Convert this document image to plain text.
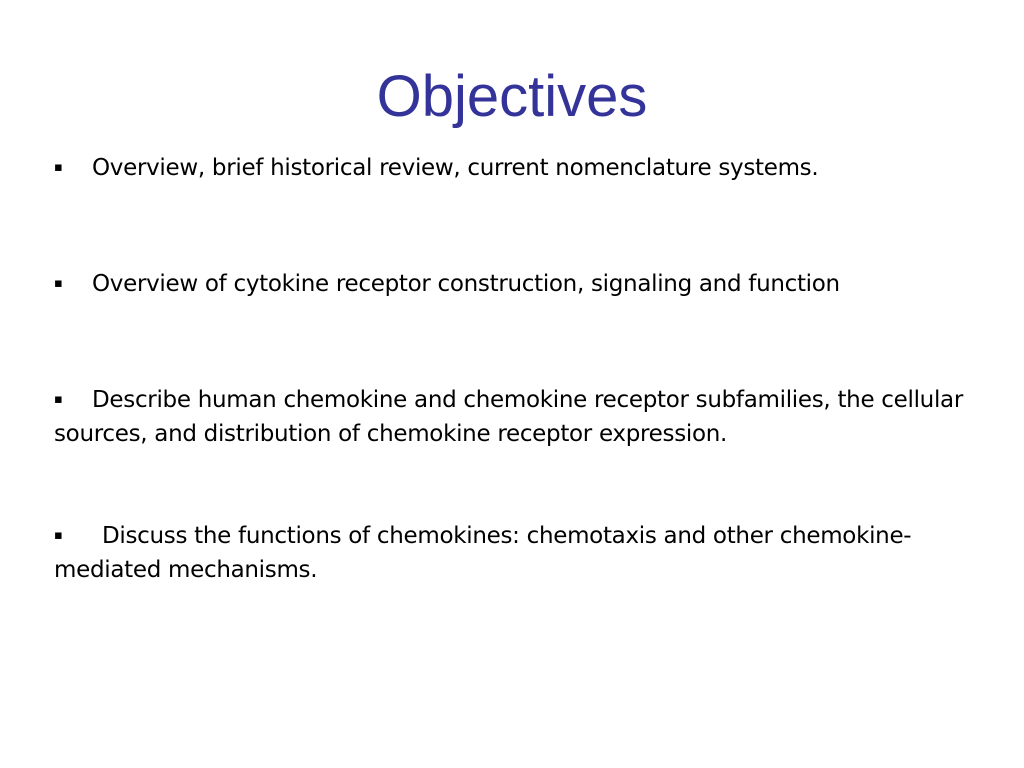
Objectives
▪	Overview, brief historical review, current nomenclature systems.
▪	Overview of cytokine receptor construction, signaling and function
▪ Describe human chemokine and chemokine receptor subfamilies, the cellular sources, and distribution of chemokine receptor expression.
▪ Discuss the functions of chemokines: chemotaxis and other chemokine-mediated mechanisms.
